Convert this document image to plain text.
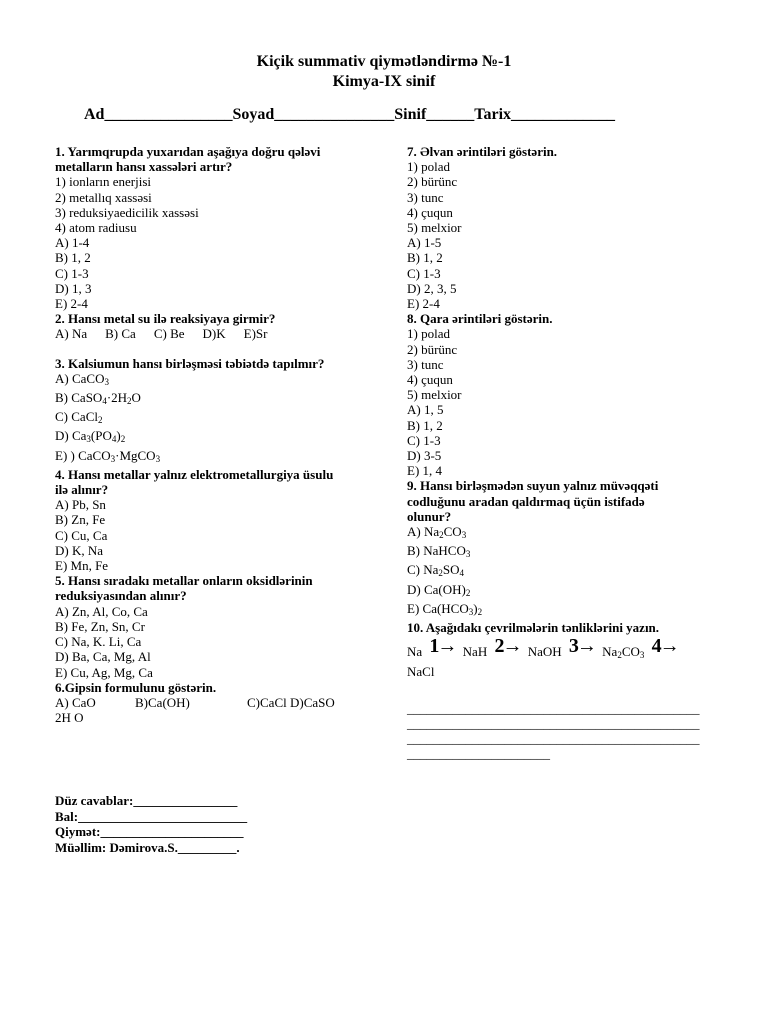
Kiçik summativ qiymətləndirmə №-1
Kimya-IX sinif
Ad________________Soyad_______________Sinif______Tarix_____________
1. Yarımqrupda yuxarıdan aşağıya doğru qələvi
metalların hansı xassələri artır?
1) ionların enerjisi
2) metallıq xassəsi
3) reduksiyaedicilik xassəsi
4) atom radiusu
A) 1-4
B) 1, 2
C) 1-3
D) 1, 3
E) 2-4
2. Hansı metal su ilə reaksiyaya girmir?
A) Na B) Ca C) Be D)K E)Sr
3. Kalsiumun hansı birləşməsi təbiətdə tapılmır?
A) CaCO$_3$
B) $CaSO_4\cdot 2H_2O$
C) CaCl$_2$
D) $Ca_3(PO_4)_2$
E) ) CaCO$_3$·MgCO$_3$
4. Hansı metallar yalnız elektrometallurgiya üsulu
ilə alınır?
A) Pb, Sn
B) Zn, Fe
C) Cu, Ca
D) K, Na
E) Mn, Fe
5. Hansı sıradakı metallar onların oksidlərinin
reduksiyasından alınır?
A) Zn, Al, Co, Ca
B) Fe, Zn, Sn, Cr
C) Na, K. Li, Ca
D) Ba, Ca, Mg, Al
E) Cu, Ag, Mg, Ca
6.Gipsin formulunu göstərin.
A) CaO	B)Ca(OH)	C)CaCl D)CaSO
2H O
7. Əlvan ərintiləri göstərin.
1) polad
2) bürünc
3) tunc
4) çuqun
5) melxior
A) 1-5
B) 1, 2
C) 1-3
D) 2, 3, 5
E) 2-4
8. Qara ərintiləri göstərin.
1) polad
2) bürünc
3) tunc
4) çuqun
5) melxior
A) 1, 5
B) 1, 2
C) 1-3
D) 3-5
E) 1, 4
9. Hansı birləşmədən suyun yalnız müvəqqəti
codluğunu aradan qaldırmaq üçün istifadə
olunur?
A) $Na_2CO_3$
B) NaHCO$_3$
C) $Na_2SO_4$
D) $Ca(OH)_2$
E) $Ca(HCO_3)_2$
10. Aşağıdakı çevrilmələrin tənliklərini yazın.
Na 1→ NaH 2→ NaOH $3\to Na_2CO_3$ 4→
NaCl
_____________________________________________
_____________________________________________
_____________________________________________
______________________
Düz cavablar:________________
Bal:__________________________
Qiymət:______________________
Müəllim: Dəmirova.S._________.
